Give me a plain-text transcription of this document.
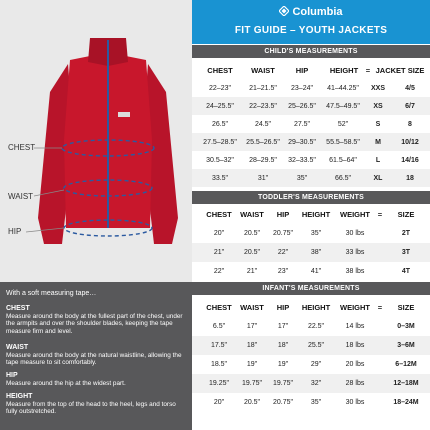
CHEST
WAIST
HIP
With a soft measuring tape…
CHEST
Measure around the body at the fullest part of the chest, under the armpits and over the shoulder blades, keeping the tape measure firm and level.
WAIST
Measure around the body at the natural waistline, allowing the tape measure to sit comfortably.
HIP
Measure around the hip at the widest part.
HEIGHT
Measure from the top of the head to the heel, legs and torso fully outstretched.
Columbia
FIT GUIDE – YOUTH JACKETS
CHILD'S MEASUREMENTS
CHEST	WAIST	HIP	HEIGHT	= JACKET SIZE
22–23"	21–21.5"	23–24"	41–44.25"	XXS	4/5
24–25.5"	22–23.5"	25–26.5"	47.5–49.5"	XS	6/7
26.5"	24.5"	27.5"	52"	S	8
27.5–28.5"	25.5–26.5"	29–30.5"	55.5–58.5"	M	10/12
30.5–32"	28–29.5"	32–33.5"	61.5–64"	L	14/16
33.5"	31"	35"	66.5"	XL	18
TODDLER'S MEASUREMENTS
CHEST	WAIST	HIP	HEIGHT	WEIGHT	=	SIZE
20"	20.5"	20.75"	35"	30 lbs	2T
21"	20.5"	22"	38"	33 lbs	3T
22"	21"	23"	41"	38 lbs	4T
INFANT'S MEASUREMENTS
CHEST	WAIST	HIP	HEIGHT	WEIGHT	=	SIZE
6.5"	17"	17"	22.5"	14 lbs	0–3M
17.5"	18"	18"	25.5"	18 lbs	3–6M
18.5"	19"	19"	29"	20 lbs	6–12M
19.25"	19.75"	19.75"	32"	28 lbs	12–18M
20"	20.5"	20.75"	35"	30 lbs	18–24M
